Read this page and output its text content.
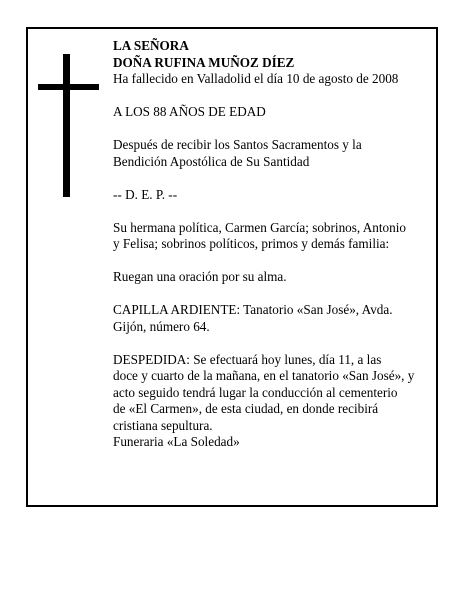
LA SEÑORA

DOÑA RUFINA MUÑOZ DÍEZ

Ha fallecido en Valladolid el día 10 de agosto de 2008

A LOS 88 AÑOS DE EDAD

Después de recibir los Santos Sacramentos y la

Bendición Apostólica de Su Santidad

-- D. E. P. --

Su hermana política, Carmen García; sobrinos, Antonio

y Felisa; sobrinos políticos, primos y demás familia:

Ruegan una oración por su alma.

CAPILLA ARDIENTE: Tanatorio «San José», Avda.

Gijón, número 64.

DESPEDIDA: Se efectuará hoy lunes, día 11, a las

doce y cuarto de la mañana, en el tanatorio «San José», y

acto seguido tendrá lugar la conducción al cementerio

de «El Carmen», de esta ciudad, en donde recibirá

cristiana sepultura.

Funeraria «La Soledad»
